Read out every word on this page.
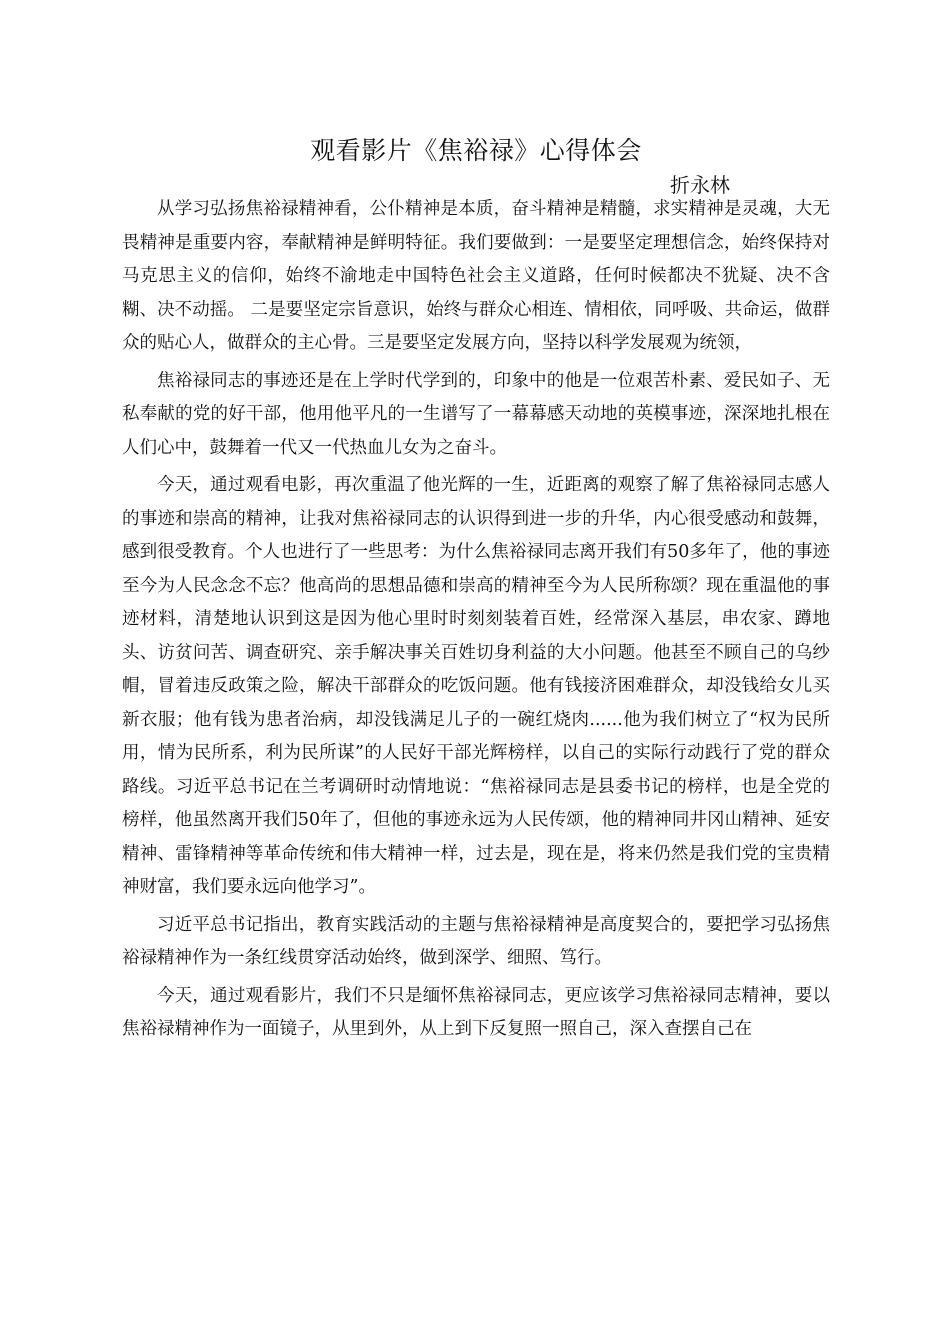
观看影片《焦裕禄》心得体会
折永林

从学习弘扬焦裕禄精神看，公仆精神是本质，奋斗精神是精髓，求实精神是灵魂，大无畏精神是重要内容，奉献精神是鲜明特征。我们要做到：一是要坚定理想信念，始终保持对马克思主义的信仰，始终不渝地走中国特色社会主义道路，任何时候都决不犹疑、决不含糊、决不动摇。 二是要坚定宗旨意识，始终与群众心相连、情相依，同呼吸、共命运，做群众的贴心人，做群众的主心骨。三是要坚定发展方向，坚持以科学发展观为统领，

焦裕禄同志的事迹还是在上学时代学到的，印象中的他是一位艰苦朴素、爱民如子、无私奉献的党的好干部，他用他平凡的一生谱写了一幕幕感天动地的英模事迹，深深地扎根在人们心中，鼓舞着一代又一代热血儿女为之奋斗。

今天，通过观看电影，再次重温了他光辉的一生，近距离的观察了解了焦裕禄同志感人的事迹和崇高的精神，让我对焦裕禄同志的认识得到进一步的升华，内心很受感动和鼓舞，感到很受教育。个人也进行了一些思考：为什么焦裕禄同志离开我们有50多年了，他的事迹至今为人民念念不忘？他高尚的思想品德和崇高的精神至今为人民所称颂？现在重温他的事迹材料，清楚地认识到这是因为他心里时时刻刻装着百姓，经常深入基层，串农家、蹲地头、访贫问苦、调查研究、亲手解决事关百姓切身利益的大小问题。他甚至不顾自己的乌纱帽，冒着违反政策之险，解决干部群众的吃饭问题。他有钱接济困难群众，却没钱给女儿买新衣服；他有钱为患者治病，却没钱满足儿子的一碗红烧肉......他为我们树立了“权为民所用，情为民所系，利为民所谋”的人民好干部光辉榜样，以自己的实际行动践行了党的群众路线。习近平总书记在兰考调研时动情地说：“焦裕禄同志是县委书记的榜样，也是全党的榜样，他虽然离开我们50年了，但他的事迹永远为人民传颂，他的精神同井冈山精神、延安精神、雷锋精神等革命传统和伟大精神一样，过去是，现在是，将来仍然是我们党的宝贵精神财富，我们要永远向他学习”。

习近平总书记指出，教育实践活动的主题与焦裕禄精神是高度契合的，要把学习弘扬焦裕禄精神作为一条红线贯穿活动始终，做到深学、细照、笃行。

今天，通过观看影片，我们不只是缅怀焦裕禄同志，更应该学习焦裕禄同志精神，要以焦裕禄精神作为一面镜子，从里到外，从上到下反复照一照自己，深入查摆自己在
